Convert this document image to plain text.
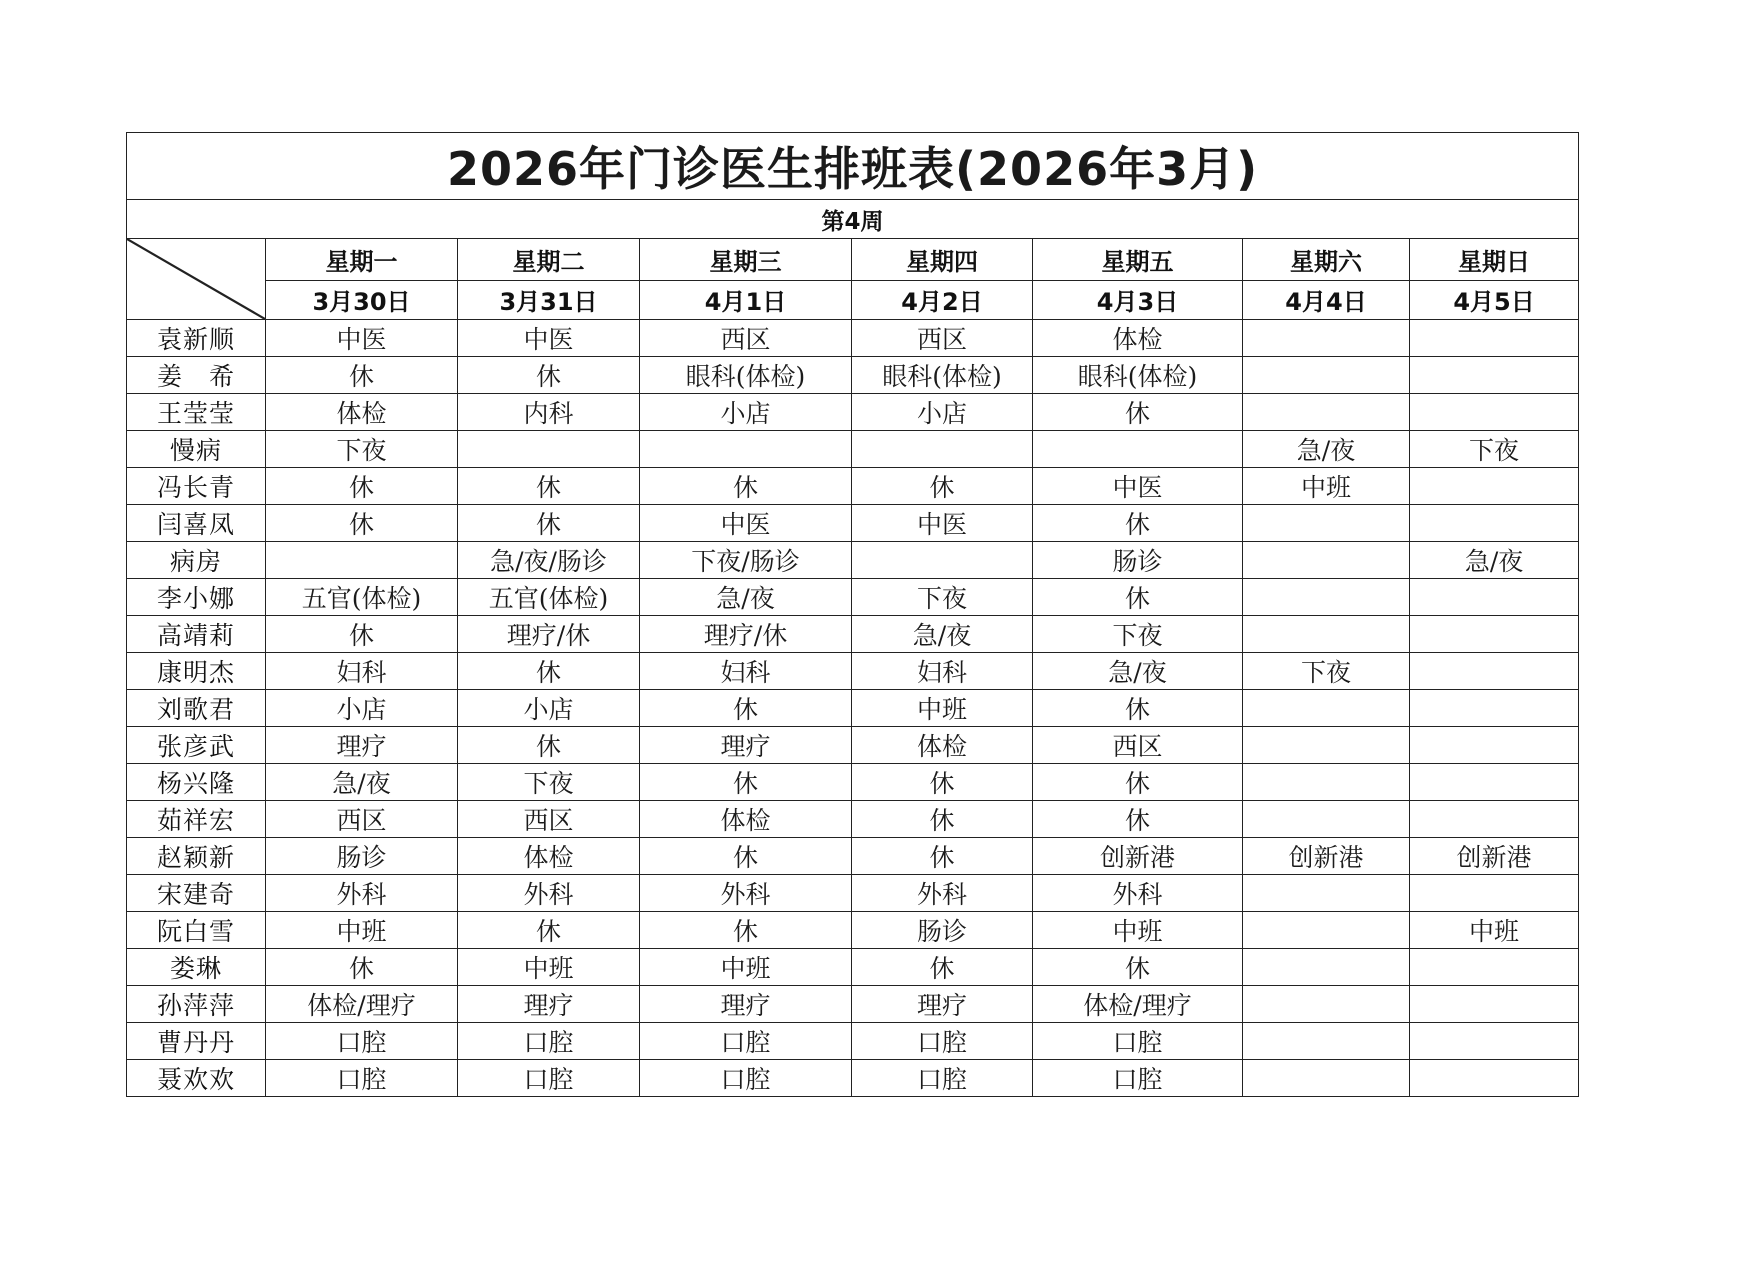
2026年门诊医生排班表(2026年3月)							
第4周							

	星期一	星期二	星期三	星期四	星期五	星期六	星期日
	3月30日	3月31日	4月1日	4月2日	4月3日	4月4日	4月5日
袁新顺	中医	中医	西区	西区	体检		
姜　希	休	休	眼科(体检)	眼科(体检)	眼科(体检)		
王莹莹	体检	内科	小店	小店	休		
慢病	下夜					急/夜	下夜
冯长青	休	休	休	休	中医	中班	
闫喜凤	休	休	中医	中医	休		
病房		急/夜/肠诊	下夜/肠诊		肠诊		急/夜
李小娜	五官(体检)	五官(体检)	急/夜	下夜	休		
高靖莉	休	理疗/休	理疗/休	急/夜	下夜		
康明杰	妇科	休	妇科	妇科	急/夜	下夜	
刘歌君	小店	小店	休	中班	休		
张彦武	理疗	休	理疗	体检	西区		
杨兴隆	急/夜	下夜	休	休	休		
茹祥宏	西区	西区	体检	休	休		
赵颖新	肠诊	体检	休	休	创新港	创新港	创新港
宋建奇	外科	外科	外科	外科	外科		
阮白雪	中班	休	休	肠诊	中班		中班
娄琳	休	中班	中班	休	休		
孙萍萍	体检/理疗	理疗	理疗	理疗	体检/理疗		
曹丹丹	口腔	口腔	口腔	口腔	口腔		
聂欢欢	口腔	口腔	口腔	口腔	口腔		
